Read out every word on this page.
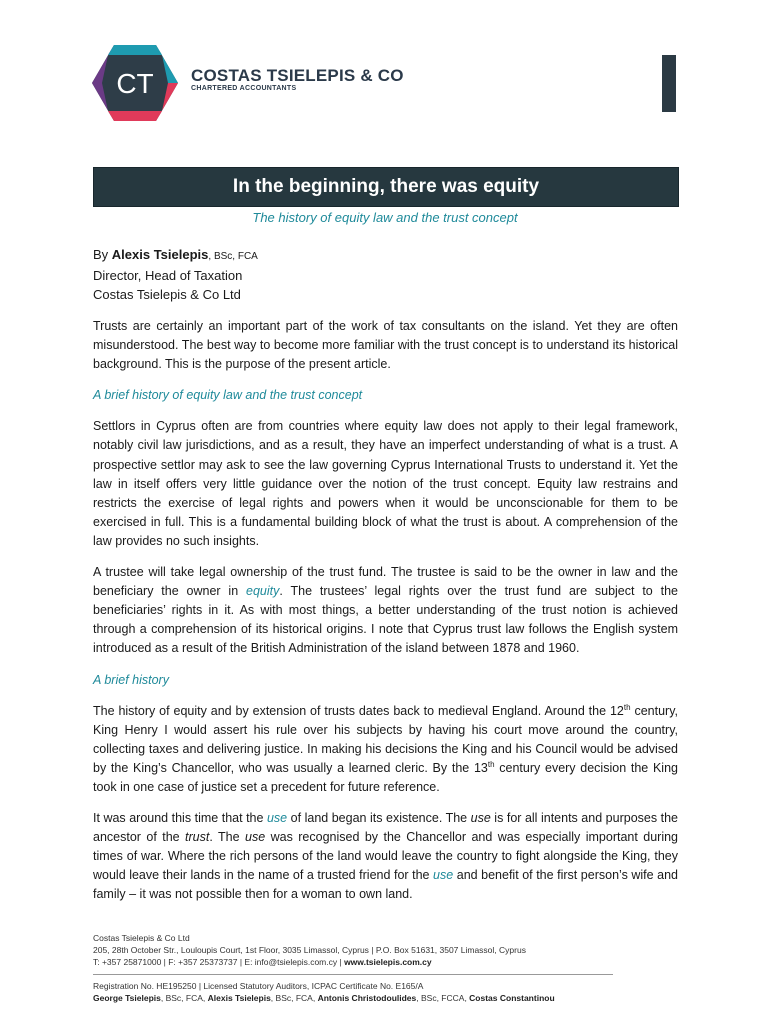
CT COSTAS TSIELEPIS & CO
CHARTERED ACCOUNTANTS
In the beginning, there was equity
The history of equity law and the trust concept
By Alexis Tsielepis, BSc, FCA
Director, Head of Taxation
Costas Tsielepis & Co Ltd

Trusts are certainly an important part of the work of tax consultants on the island. Yet they are often misunderstood. The best way to become more familiar with the trust concept is to understand its historical background. This is the purpose of the present article.

A brief history of equity law and the trust concept

Settlors in Cyprus often are from countries where equity law does not apply to their legal framework, notably civil law jurisdictions, and as a result, they have an imperfect understanding of what is a trust. A prospective settlor may ask to see the law governing Cyprus International Trusts to understand it. Yet the law in itself offers very little guidance over the notion of the trust concept. Equity law restrains and restricts the exercise of legal rights and powers when it would be unconscionable for them to be exercised in full. This is a fundamental building block of what the trust is about. A comprehension of the law provides no such insights.

A trustee will take legal ownership of the trust fund. The trustee is said to be the owner in law and the beneficiary the owner in equity. The trustees’ legal rights over the trust fund are subject to the beneficiaries’ rights in it. As with most things, a better understanding of the trust notion is achieved through a comprehension of its historical origins. I note that Cyprus trust law follows the English system introduced as a result of the British Administration of the island between 1878 and 1960.

A brief history

The history of equity and by extension of trusts dates back to medieval England. Around the 12th century, King Henry I would assert his rule over his subjects by having his court move around the country, collecting taxes and delivering justice. In making his decisions the King and his Council would be advised by the King’s Chancellor, who was usually a learned cleric. By the 13th century every decision the King took in one case of justice set a precedent for future reference.

It was around this time that the use of land began its existence. The use is for all intents and purposes the ancestor of the trust. The use was recognised by the Chancellor and was especially important during times of war. Where the rich persons of the land would leave the country to fight alongside the King, they would leave their lands in the name of a trusted friend for the use and benefit of the first person’s wife and family – it was not possible then for a woman to own land.

Costas Tsielepis & Co Ltd

205, 28th October Str., Louloupis Court, 1st Floor, 3035 Limassol, Cyprus | P.O. Box 51631, 3507 Limassol, Cyprus

T: +357 25871000 | F: +357 25373737 | E: info@tsielepis.com.cy | www.tsielepis.com.cy

Registration No. HE195250 | Licensed Statutory Auditors, ICPAC Certificate No. E165/A

George Tsielepis, BSc, FCA, Alexis Tsielepis, BSc, FCA, Antonis Christodoulides, BSc, FCCA, Costas Constantinou
